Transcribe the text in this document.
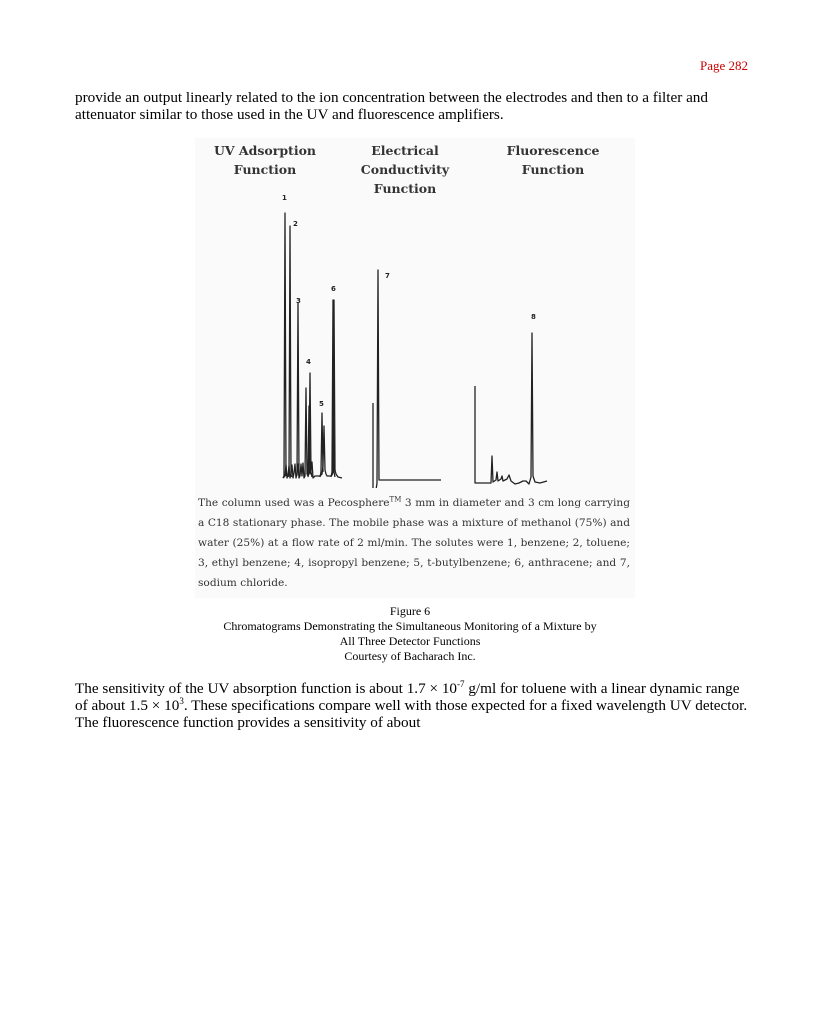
Page 282

provide an output linearly related to the ion concentration between the electrodes and then to a filter and attenuator similar to those used in the UV and fluorescence amplifiers.

UV Adsorption
Function
Electrical
Conductivity
Function
Fluorescence
Function
1
2
3
4
5
6
7
8
The column used was a Pecosphere™ 3 mm in diameter and 3 cm long carrying a C18 stationary phase. The mobile phase was a mixture of methanol (75%) and water (25%) at a flow rate of 2 ml/min. The solutes were 1, benzene; 2, toluene; 3, ethyl benzene; 4, isopropyl benzene; 5, t-butylbenzene; 6, anthracene; and 7, sodium chloride.
Figure 6
Chromatograms Demonstrating the Simultaneous Monitoring of a Mixture by
All Three Detector Functions
Courtesy of Bacharach Inc.

The sensitivity of the UV absorption function is about $1.7 \times 10^{-7}$ g/ml for toluene with a linear dynamic range of about $1.5 \times 10^3$. These specifications compare well with those expected for a fixed wavelength UV detector. The fluorescence function provides a sensitivity of about
